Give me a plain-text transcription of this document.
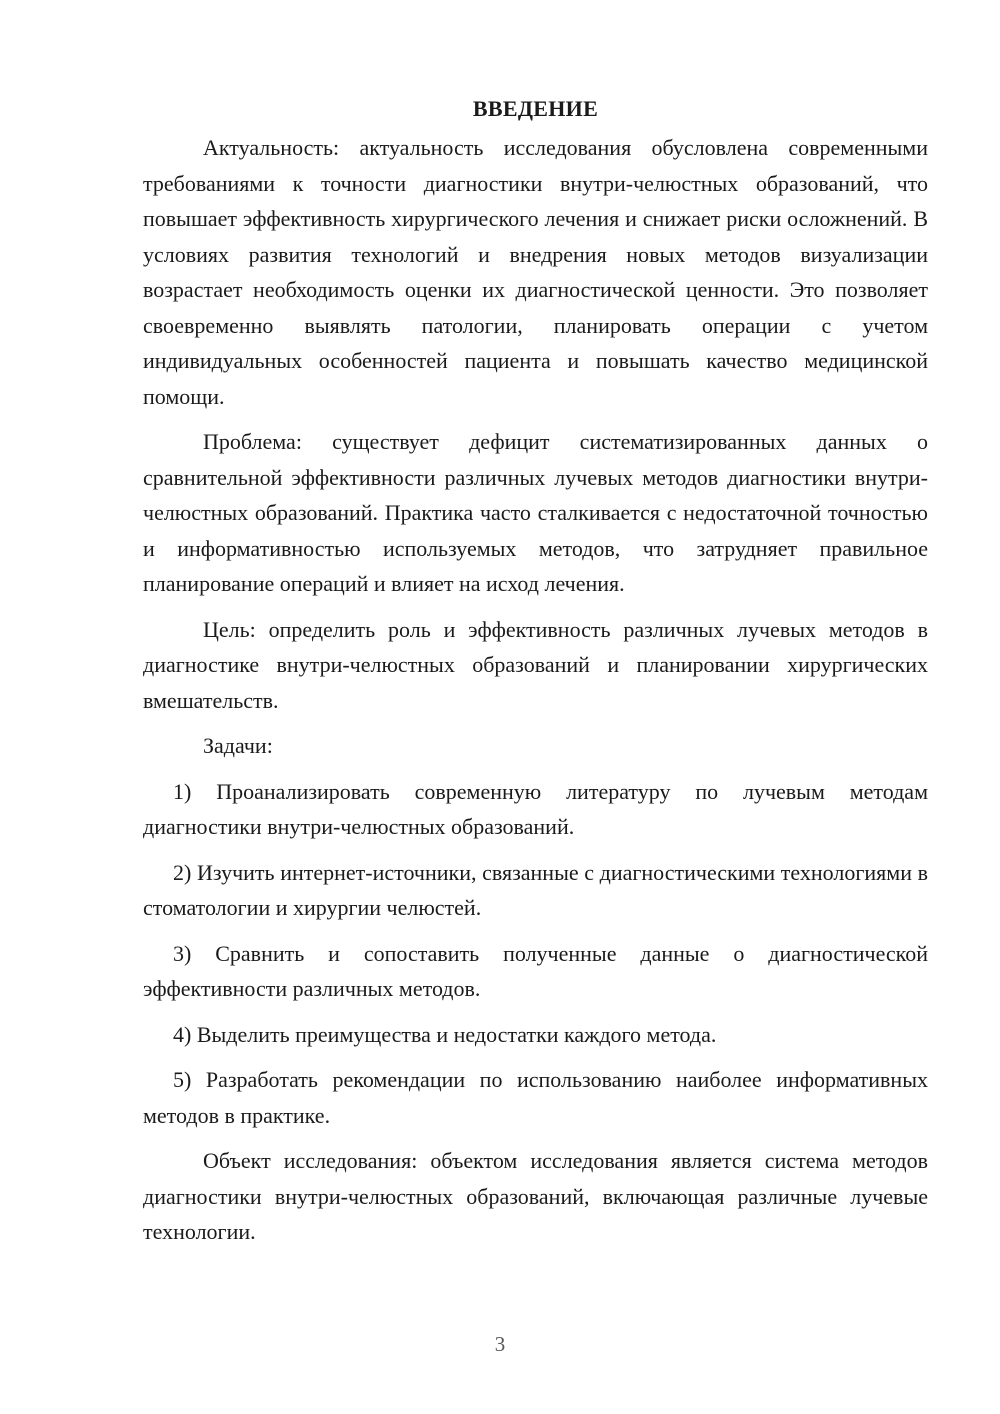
ВВЕДЕНИЕ

Актуальность: актуальность исследования обусловлена современными требованиями к точности диагностики внутри-челюстных образований, что повышает эффективность хирургического лечения и снижает риски осложнений. В условиях развития технологий и внедрения новых методов визуализации возрастает необходимость оценки их диагностической ценности. Это позволяет своевременно выявлять патологии, планировать операции с учетом индивидуальных особенностей пациента и повышать качество медицинской помощи.

Проблема: существует дефицит систематизированных данных о сравнительной эффективности различных лучевых методов диагностики внутри-челюстных образований. Практика часто сталкивается с недостаточной точностью и информативностью используемых методов, что затрудняет правильное планирование операций и влияет на исход лечения.

Цель: определить роль и эффективность различных лучевых методов в диагностике внутри-челюстных образований и планировании хирургических вмешательств.

Задачи:

1) Проанализировать современную литературу по лучевым методам диагностики внутри-челюстных образований.

2) Изучить интернет-источники, связанные с диагностическими технологиями в стоматологии и хирургии челюстей.

3) Сравнить и сопоставить полученные данные о диагностической эффективности различных методов.

4) Выделить преимущества и недостатки каждого метода.

5) Разработать рекомендации по использованию наиболее информативных методов в практике.

Объект исследования: объектом исследования является система методов диагностики внутри-челюстных образований, включающая различные лучевые технологии.

3
